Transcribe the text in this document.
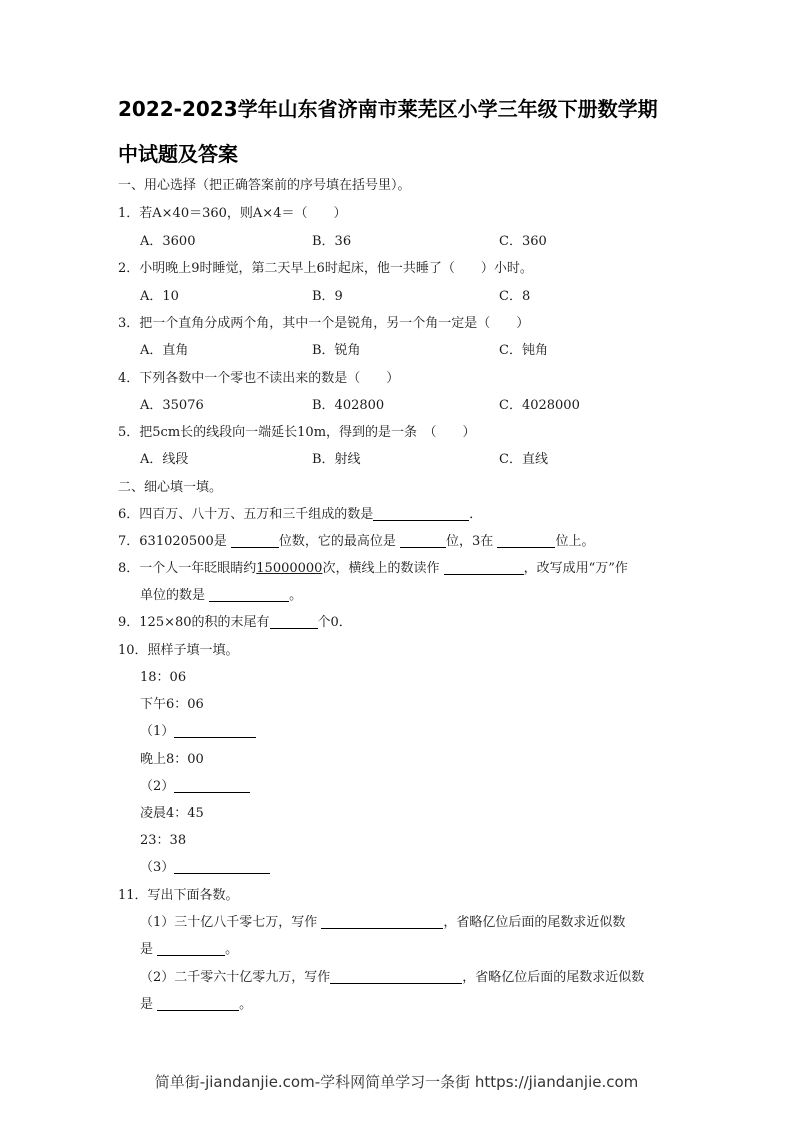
2022-2023学年山东省济南市莱芜区小学三年级下册数学期
中试题及答案
一、用心选择（把正确答案前的序号填在括号里）。
1．若A×40＝360，则A×4＝（　　）
A．3600	B．36	C．360
2．小明晚上9时睡觉，第二天早上6时起床，他一共睡了（　　）小时。
A．10	B．9	C．8
3．把一个直角分成两个角，其中一个是锐角，另一个角一定是（　　）
A．直角	B．锐角	C．钝角
4．下列各数中一个零也不读出来的数是（　　）
A．35076	B．402800	C．4028000
5．把5cm长的线段向一端延长10m，得到的是一条　（　　）
A．线段	B．射线	C．直线
二、细心填一填。
6．四百万、八十万、五万和三千组成的数是	．
7．631020500是	位数，它的最高位是	位，3在	位上。
8．一个人一年眨眼睛约15000000次，横线上的数读作	，改写成用“万”作
单位的数是	。
9．125×80的积的末尾有	个0．
10．照样子填一填。
18：06
下午6：06
（1）
晚上8：00
（2）
凌晨4：45
23：38
（3）
11．写出下面各数。
（1）三十亿八千零七万，写作	，省略亿位后面的尾数求近似数
是	。
（2）二千零六十亿零九万，写作	，省略亿位后面的尾数求近似数
是	。
简单街-jiandanjie.com-学科网简单学习一条街 https://jiandanjie.com
